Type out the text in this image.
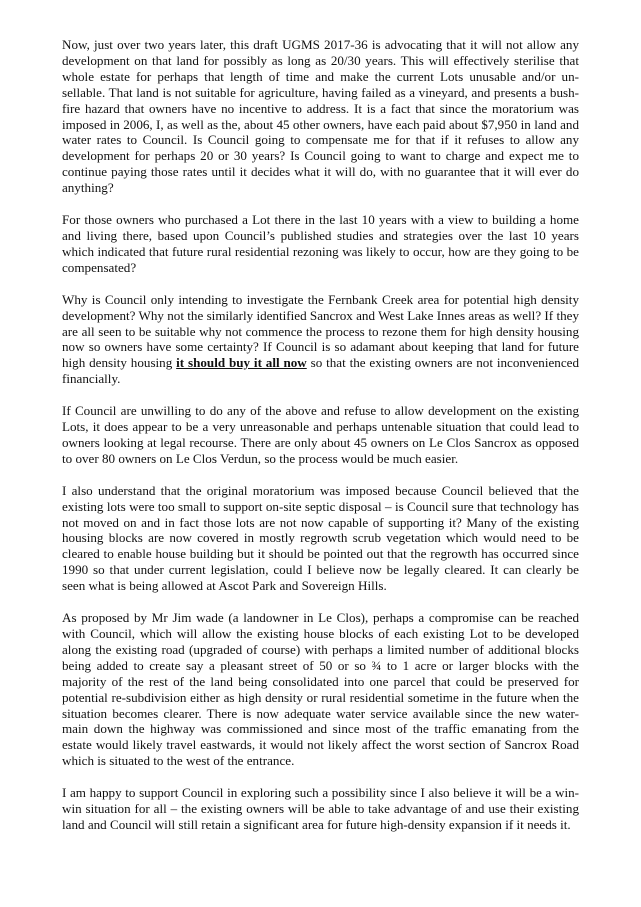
Now, just over two years later, this draft UGMS 2017-36 is advocating that it will not allow any development on that land for possibly as long as 20/30 years. This will effectively sterilise that whole estate for perhaps that length of time and make the current Lots unusable and/or un-sellable. That land is not suitable for agriculture, having failed as a vineyard, and presents a bush-fire hazard that owners have no incentive to address. It is a fact that since the moratorium was imposed in 2006, I, as well as the, about 45 other owners, have each paid about $7,950 in land and water rates to Council. Is Council going to compensate me for that if it refuses to allow any development for perhaps 20 or 30 years? Is Council going to want to charge and expect me to continue paying those rates until it decides what it will do, with no guarantee that it will ever do anything?

For those owners who purchased a Lot there in the last 10 years with a view to building a home and living there, based upon Council’s published studies and strategies over the last 10 years which indicated that future rural residential rezoning was likely to occur, how are they going to be compensated?

Why is Council only intending to investigate the Fernbank Creek area for potential high density development? Why not the similarly identified Sancrox and West Lake Innes areas as well? If they are all seen to be suitable why not commence the process to rezone them for high density housing now so owners have some certainty? If Council is so adamant about keeping that land for future high density housing it should buy it all now so that the existing owners are not inconvenienced financially.

If Council are unwilling to do any of the above and refuse to allow development on the existing Lots, it does appear to be a very unreasonable and perhaps untenable situation that could lead to owners looking at legal recourse. There are only about 45 owners on Le Clos Sancrox as opposed to over 80 owners on Le Clos Verdun, so the process would be much easier.

I also understand that the original moratorium was imposed because Council believed that the existing lots were too small to support on-site septic disposal – is Council sure that technology has not moved on and in fact those lots are not now capable of supporting it? Many of the existing housing blocks are now covered in mostly regrowth scrub vegetation which would need to be cleared to enable house building but it should be pointed out that the regrowth has occurred since 1990 so that under current legislation, could I believe now be legally cleared. It can clearly be seen what is being allowed at Ascot Park and Sovereign Hills.

As proposed by Mr Jim wade (a landowner in Le Clos), perhaps a compromise can be reached with Council, which will allow the existing house blocks of each existing Lot to be developed along the existing road (upgraded of course) with perhaps a limited number of additional blocks being added to create say a pleasant street of 50 or so ¾ to 1 acre or larger blocks with the majority of the rest of the land being consolidated into one parcel that could be preserved for potential re-subdivision either as high density or rural residential sometime in the future when the situation becomes clearer. There is now adequate water service available since the new water-main down the highway was commissioned and since most of the traffic emanating from the estate would likely travel eastwards, it would not likely affect the worst section of Sancrox Road which is situated to the west of the entrance.

I am happy to support Council in exploring such a possibility since I also believe it will be a win-win situation for all – the existing owners will be able to take advantage of and use their existing land and Council will still retain a significant area for future high-density expansion if it needs it.
